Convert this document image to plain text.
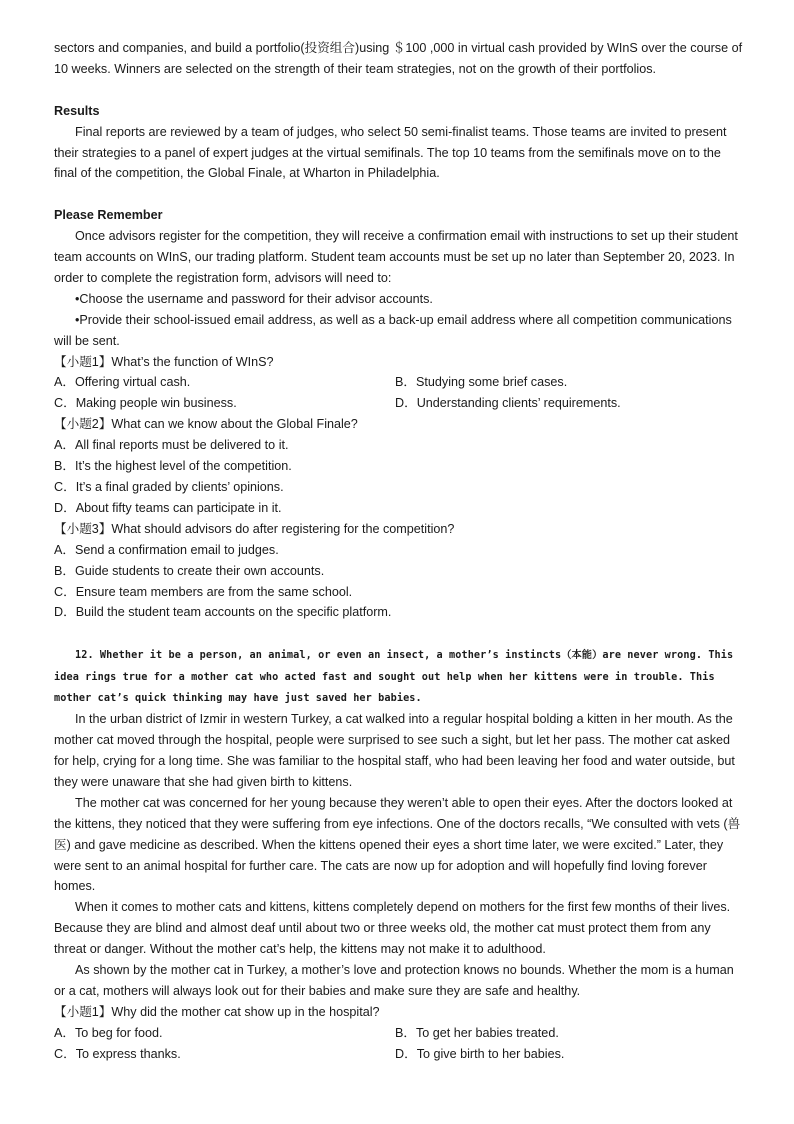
sectors and companies, and build a portfolio(投资组合)using ＄100 ,000 in virtual cash provided by WInS over the course of 10 weeks. Winners are selected on the strength of their team strategies, not on the growth of their portfolios.

Results

Final reports are reviewed by a team of judges, who select 50 semi-finalist teams. Those teams are invited to present their strategies to a panel of expert judges at the virtual semifinals. The top 10 teams from the semifinals move on to the final of the competition, the Global Finale, at Wharton in Philadelphia.

Please Remember

Once advisors register for the competition, they will receive a confirmation email with instructions to set up their student team accounts on WInS, our trading platform. Student team accounts must be set up no later than September 20, 2023. In order to complete the registration form, advisors will need to:

•Choose the username and password for their advisor accounts.

•Provide their school-issued email address, as well as a back-up email address where all competition communications will be sent.

【小题1】What’s the function of WInS?

A．Offering virtual cash.	B．Studying some brief cases.
C．Making people win business.	D．Understanding clients’ requirements.

【小题2】What can we know about the Global Finale?

A．All final reports must be delivered to it.

B．It’s the highest level of the competition.

C．It’s a final graded by clients’ opinions.

D．About fifty teams can participate in it.

【小题3】What should advisors do after registering for the competition?

A．Send a confirmation email to judges.

B．Guide students to create their own accounts.

C．Ensure team members are from the same school.

D．Build the student team accounts on the specific platform.

12. Whether it be a person, an animal, or even an insect, a mother’s instincts（本能）are never wrong. This idea rings true for a mother cat who acted fast and sought out help when her kittens were in trouble. This mother cat’s quick thinking may have just saved her babies.

In the urban district of Izmir in western Turkey, a cat walked into a regular hospital bolding a kitten in her mouth. As the mother cat moved through the hospital, people were surprised to see such a sight, but let her pass. The mother cat asked for help, crying for a long time. She was familiar to the hospital staff, who had been leaving her food and water outside, but they were unaware that she had given birth to kittens.

The mother cat was concerned for her young because they weren’t able to open their eyes. After the doctors looked at the kittens, they noticed that they were suffering from eye infections. One of the doctors recalls, “We consulted with vets (兽医) and gave medicine as described. When the kittens opened their eyes a short time later, we were excited.” Later, they were sent to an animal hospital for further care. The cats are now up for adoption and will hopefully find loving forever homes.

When it comes to mother cats and kittens, kittens completely depend on mothers for the first few months of their lives. Because they are blind and almost deaf until about two or three weeks old, the mother cat must protect them from any threat or danger. Without the mother cat’s help, the kittens may not make it to adulthood.

As shown by the mother cat in Turkey, a mother’s love and protection knows no bounds. Whether the mom is a human or a cat, mothers will always look out for their babies and make sure they are safe and healthy.

【小题1】Why did the mother cat show up in the hospital?

A．To beg for food.	B．To get her babies treated.
C．To express thanks.	D．To give birth to her babies.
